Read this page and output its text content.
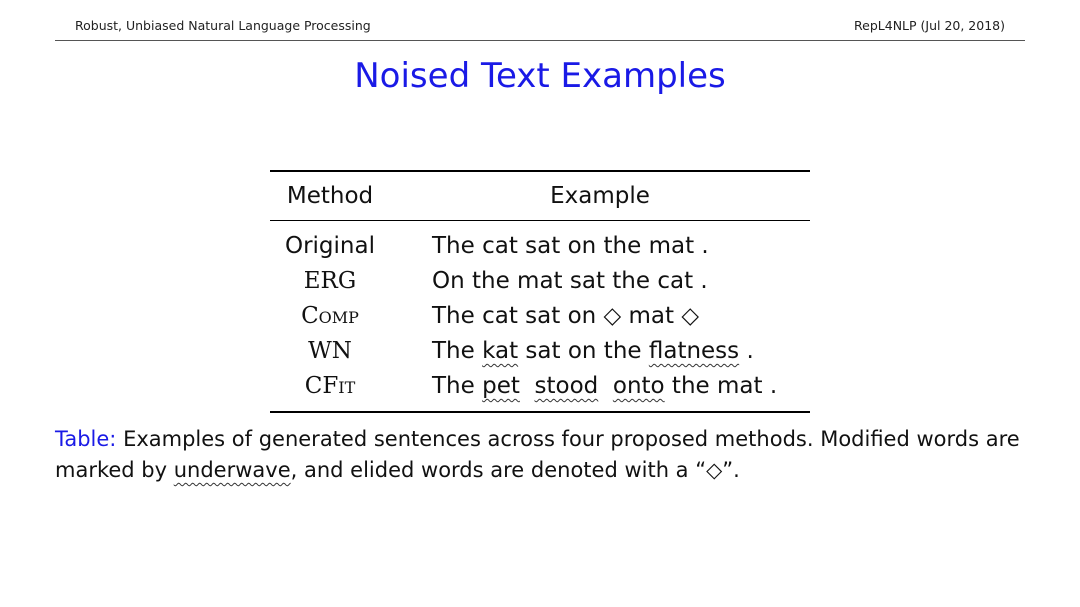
Robust, Unbiased Natural Language Processing	RepL4NLP (Jul 20, 2018)
Noised Text Examples
Method	Example
Original	The cat sat on the mat .
ERG	On the mat sat the cat .
Comp	The cat sat on ◇ mat ◇
WN	The kat sat on the flatness .
CFit	The pet stood onto the mat .
Table: Examples of generated sentences across four proposed methods. Modified words are marked by underwave, and elided words are denoted with a “◇”.
